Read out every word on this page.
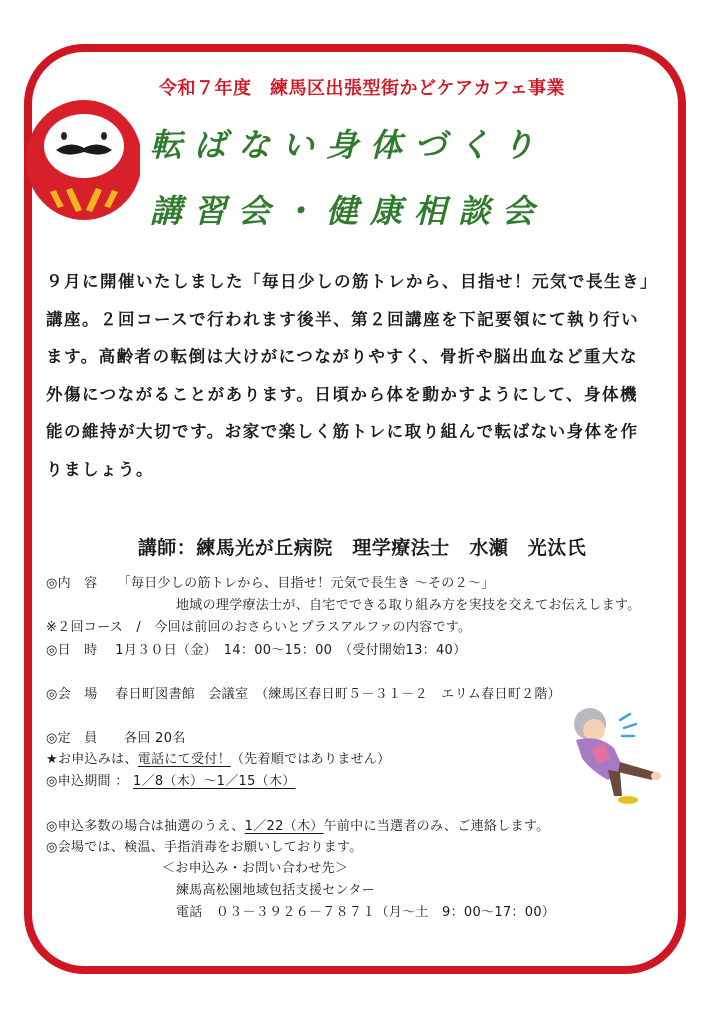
令和７年度　練馬区出張型街かどケアカフェ事業
転ばない身体づくり
講習会・健康相談会

９月に開催いたしました「毎日少しの筋トレから、目指せ！元気で長生き」

講座。２回コースで行われます後半、第２回講座を下記要領にて執り行い

ます。高齢者の転倒は大けがにつながりやすく、骨折や脳出血など重大な

外傷につながることがあります。日頃から体を動かすようにして、身体機

能の維持が大切です。お家で楽しく筋トレに取り組んで転ばない身体を作

りましょう。

講師：練馬光が丘病院　理学療法士　水瀬　光汰氏
◎内　容　　「毎日少しの筋トレから、目指せ！元気で長生き ～その２～」
地域の理学療法士が、自宅でできる取り組み方を実技を交えてお伝えします。
※２回コース　/　今回は前回のおさらいとプラスアルファの内容です。
◎日　時　 1月３０日（金）　14：00～15：00　（受付開始13：40）
◎会　場　 春日町図書館　会議室　（練馬区春日町５－３１－２　エリム春日町２階）
◎定　員　　各回 20名
★お申込みは、電話にて受付！（先着順ではありません）
◎申込期間 ： 1／8（木）～1／15（木）
◎申込多数の場合は抽選のうえ、1／22（木）午前中に当選者のみ、ご連絡します。
◎会場では、検温、手指消毒をお願いしております。
＜お申込み・お問い合わせ先＞
練馬高松園地域包括支援センター
電話　０３－３９２６－７８７１（月～土　9：00～17：00）
